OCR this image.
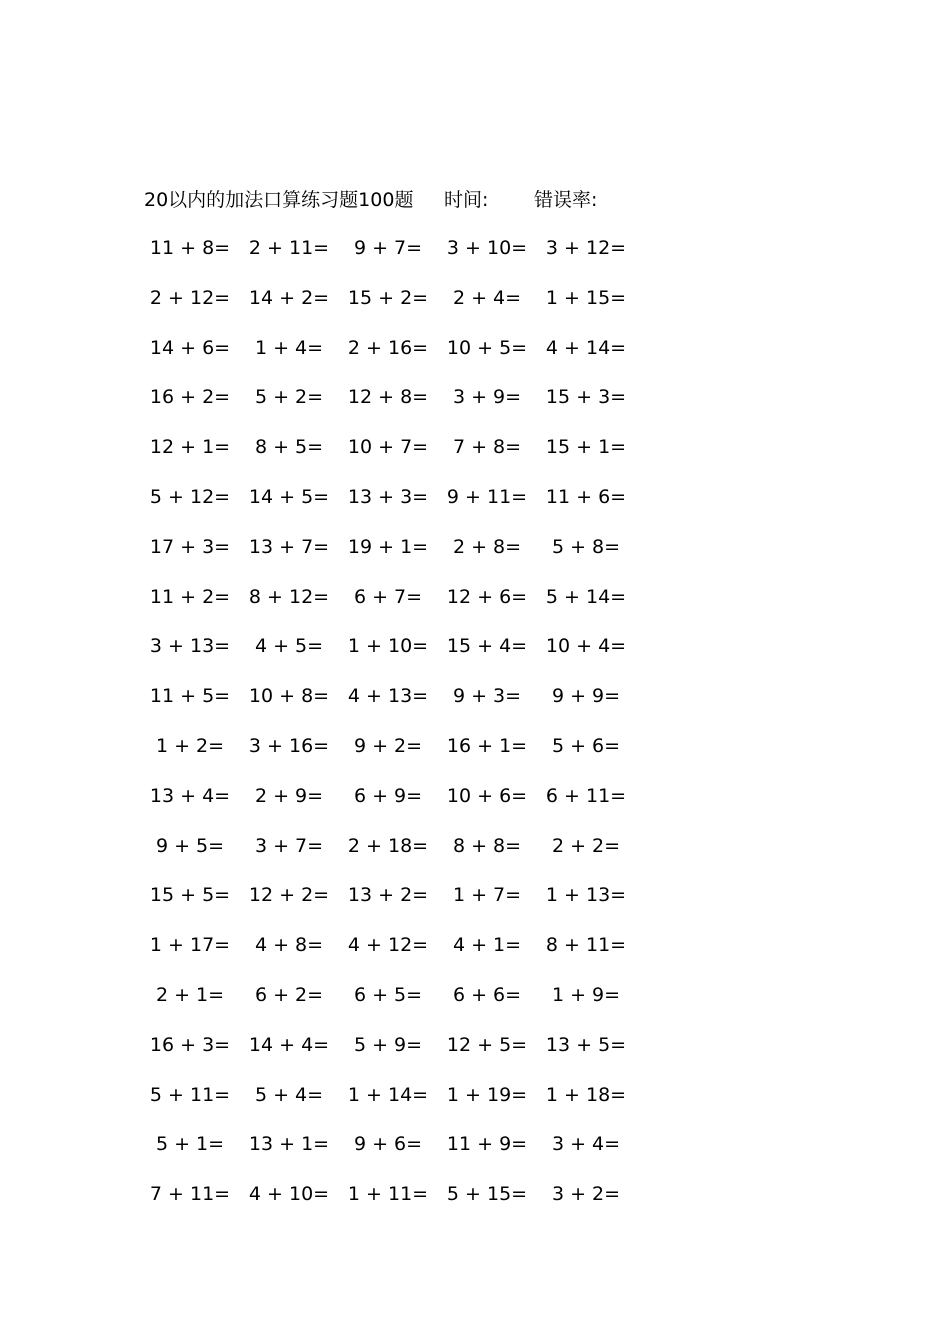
20以内的加法口算练习题100题 时间: 错误率:
11 + 8= 2 + 11=	9 + 7=	3 + 10= 3 + 12=
2 + 12= 14 + 2= 15 + 2=	2 + 4=	1 + 15=
14 + 6=	1 + 4=	2 + 16= 10 + 5= 4 + 14=
16 + 2=	5 + 2=	12 + 8=	3 + 9=	15 + 3=
12 + 1=	8 + 5=	10 + 7=	7 + 8=	15 + 1=
5 + 12= 14 + 5= 13 + 3= 9 + 11= 11 + 6=
17 + 3= 13 + 7= 19 + 1=	2 + 8=	5 + 8=
11 + 2= 8 + 12=	6 + 7=	12 + 6= 5 + 14=
3 + 13=	4 + 5=	1 + 10= 15 + 4= 10 + 4=
11 + 5= 10 + 8= 4 + 13=	9 + 3=	9 + 9=
1 + 2=	3 + 16=	9 + 2=	16 + 1=	5 + 6=
13 + 4=	2 + 9=	6 + 9=	10 + 6= 6 + 11=
9 + 5=	3 + 7=	2 + 18=	8 + 8=	2 + 2=
15 + 5= 12 + 2= 13 + 2=	1 + 7=	1 + 13=
1 + 17=	4 + 8=	4 + 12=	4 + 1=	8 + 11=
2 + 1=	6 + 2=	6 + 5=	6 + 6=	1 + 9=
16 + 3= 14 + 4=	5 + 9=	12 + 5= 13 + 5=
5 + 11=	5 + 4=	1 + 14= 1 + 19= 1 + 18=
5 + 1=	13 + 1=	9 + 6=	11 + 9=	3 + 4=
7 + 11= 4 + 10= 1 + 11= 5 + 15=	3 + 2=
